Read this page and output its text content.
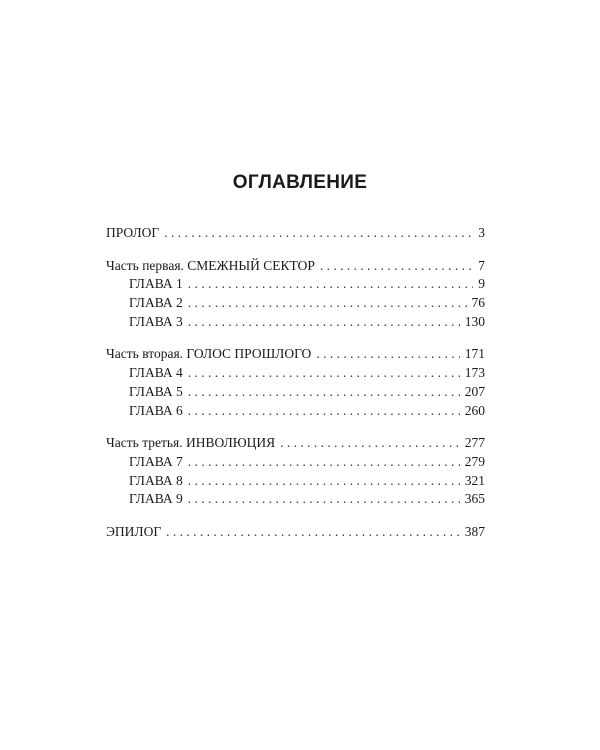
ОГЛАВЛЕНИЕ
ПРОЛОГ . . .	3
Часть первая. СМЕЖНЫЙ СЕКТОР . . .	7
ГЛАВА 1 . . .	9
ГЛАВА 2 . . .	76
ГЛАВА 3 . . .	130
Часть вторая. ГОЛОС ПРОШЛОГО . . .	171
ГЛАВА 4 . . .	173
ГЛАВА 5 . . .	207
ГЛАВА 6 . . .	260
Часть третья. ИНВОЛЮЦИЯ . . .	277
ГЛАВА 7 . . .	279
ГЛАВА 8 . . .	321
ГЛАВА 9 . . .	365
ЭПИЛОГ . . .	387
